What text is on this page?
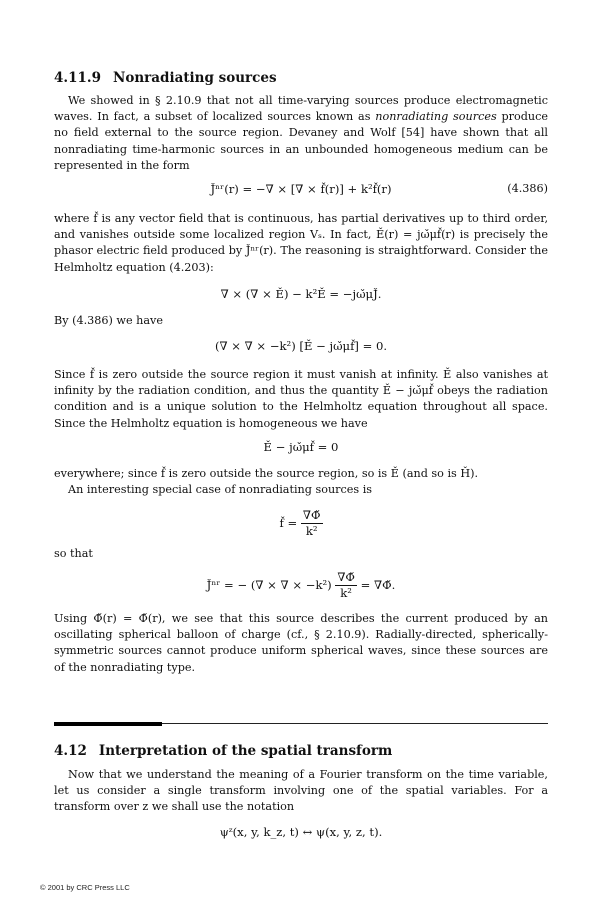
4.11.9 Nonradiating sources

We showed in § 2.10.9 that not all time-varying sources produce electromagnetic waves. In fact, a subset of localized sources known as nonradiating sources produce no field external to the source region. Devaney and Wolf [54] have shown that all nonradiating time-harmonic sources in an unbounded homogeneous medium can be represented in the form

J̌ⁿʳ(r) = −∇ × [∇ × f̌(r)] + k²f̌(r)	(4.386)

where f̌ is any vector field that is continuous, has partial derivatives up to third order, and vanishes outside some localized region Vₛ. In fact, Ě(r) = jω̌μf̌(r) is precisely the phasor electric field produced by J̌ⁿʳ(r). The reasoning is straightforward. Consider the Helmholtz equation (4.203):

∇ × (∇ × Ě) − k²Ě = −jω̌μJ̌.

By (4.386) we have

(∇ × ∇ × −k²) [Ě − jω̌μf̌] = 0.

Since f̌ is zero outside the source region it must vanish at infinity. Ě also vanishes at infinity by the radiation condition, and thus the quantity Ě − jω̌μf̌ obeys the radiation condition and is a unique solution to the Helmholtz equation throughout all space. Since the Helmholtz equation is homogeneous we have

Ě − jω̌μf̌ = 0

everywhere; since f̌ is zero outside the source region, so is Ě (and so is Ȟ).

An interesting special case of nonradiating sources is

f̌ = $\frac{\nabla\Phǐ}{\text{k²}}$

so that

J̌ⁿʳ = − (∇ × ∇ × $-k^2) \frac{\nabla\Phǐ}{\text{k²}}$ = ∇Φ̌.

Using Φ̌(r) = Φ̌(r), we see that this source describes the current produced by an oscillating spherical balloon of charge (cf., § 2.10.9). Radially-directed, spherically-symmetric sources cannot produce uniform spherical waves, since these sources are of the nonradiating type.

4.12 Interpretation of the spatial transform

Now that we understand the meaning of a Fourier transform on the time variable, let us consider a single transform involving one of the spatial variables. For a transform over z we shall use the notation

ψᶻ(x, y, k_z, t) ↔ ψ(x, y, z, t).
© 2001 by CRC Press LLC
